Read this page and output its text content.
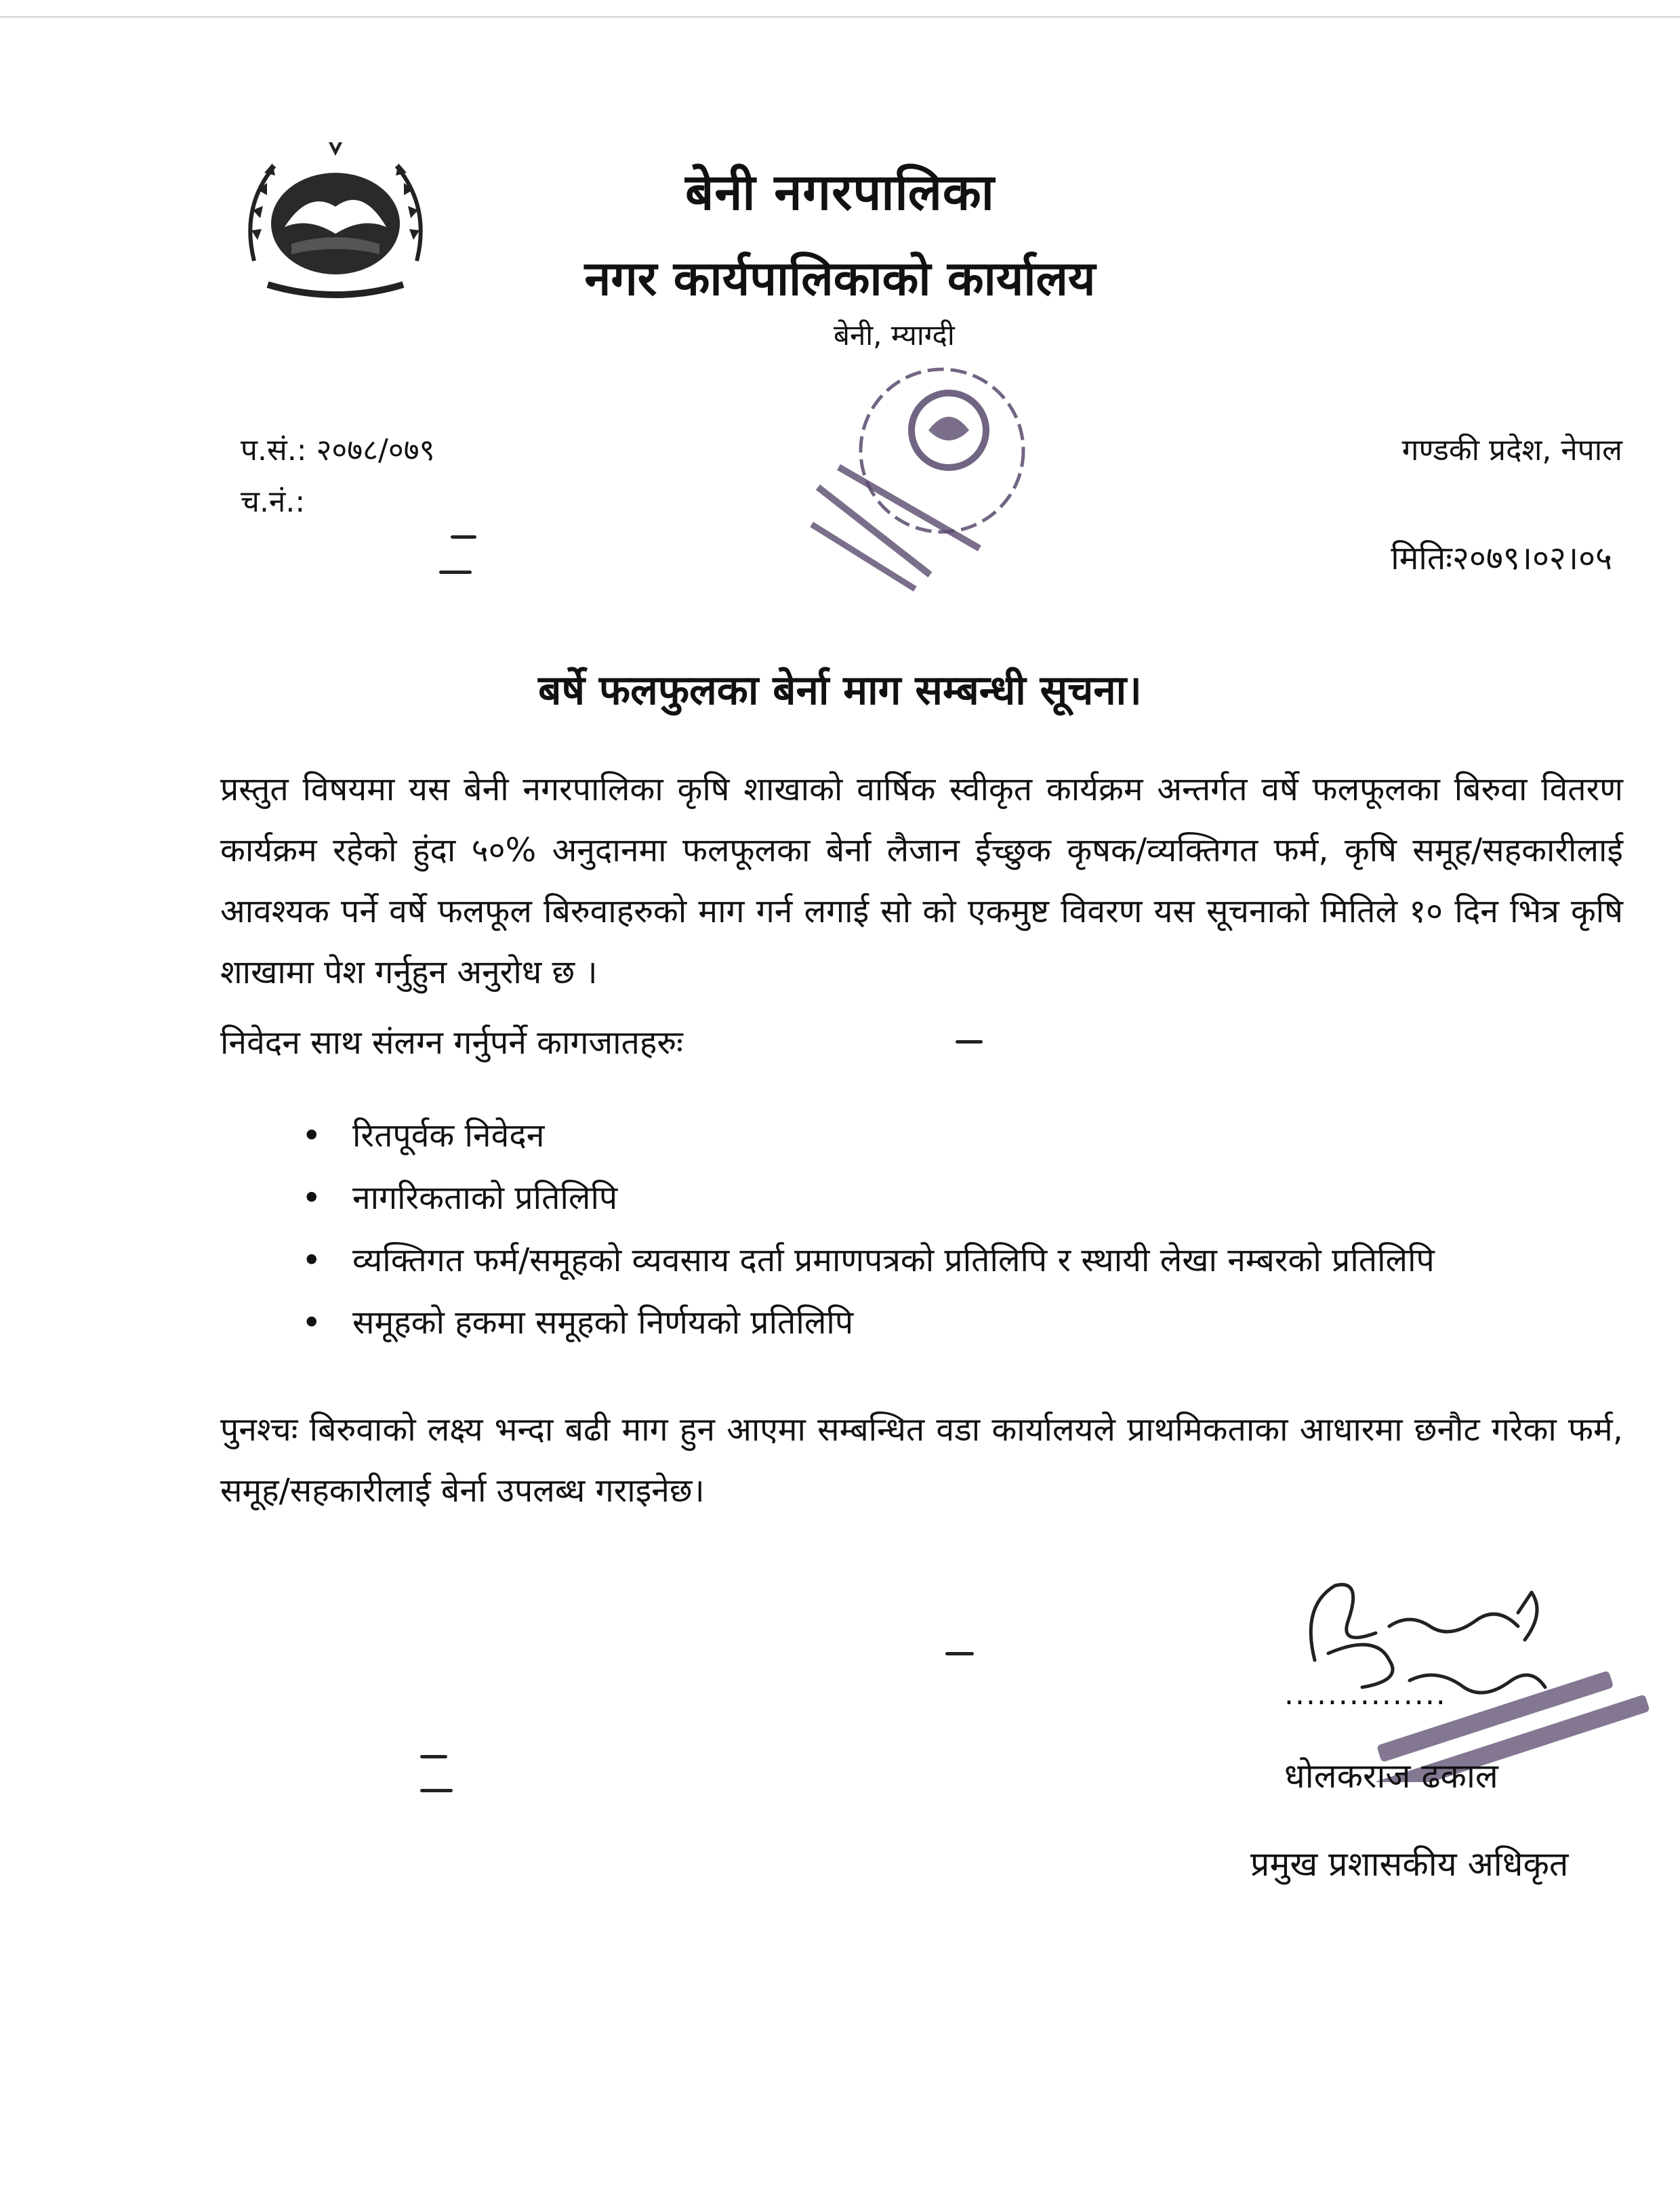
बेनी नगरपालिका
नगर कार्यपालिकाको कार्यालय
बेनी, म्याग्दी
प.सं.: २०७८/०७९
च.नं.:
गण्डकी प्रदेश, नेपाल
मितिः२०७९।०२।०५
बर्षे फलफुलका बेर्ना माग सम्बन्धी सूचना।
प्रस्तुत विषयमा यस बेनी नगरपालिका कृषि शाखाको वार्षिक स्वीकृत कार्यक्रम अन्तर्गत वर्षे फलफूलका बिरुवा वितरण कार्यक्रम रहेको हुंदा ५०% अनुदानमा फलफूलका बेर्ना लैजान ईच्छुक कृषक/व्यक्तिगत फर्म, कृषि समूह/सहकारीलाई आवश्यक पर्ने वर्षे फलफूल बिरुवाहरुको माग गर्न लगाई सो को एकमुष्ट विवरण यस सूचनाको मितिले १० दिन भित्र कृषि शाखामा पेश गर्नुहुन अनुरोध छ ।
निवेदन साथ संलग्न गर्नुपर्ने कागजातहरुः
• रितपूर्वक निवेदन
• नागरिकताको प्रतिलिपि
• व्यक्तिगत फर्म/समूहको व्यवसाय दर्ता प्रमाणपत्रको प्रतिलिपि र स्थायी लेखा नम्बरको प्रतिलिपि
• समूहको हकमा समूहको निर्णयको प्रतिलिपि
पुनश्चः बिरुवाको लक्ष्य भन्दा बढी माग हुन आएमा सम्बन्धित वडा कार्यालयले प्राथमिकताका आधारमा छनौट गरेका फर्म, समूह/सहकारीलाई बेर्ना उपलब्ध गराइनेछ।
...............
धोलकराज ढकाल
प्रमुख प्रशासकीय अधिकृत
